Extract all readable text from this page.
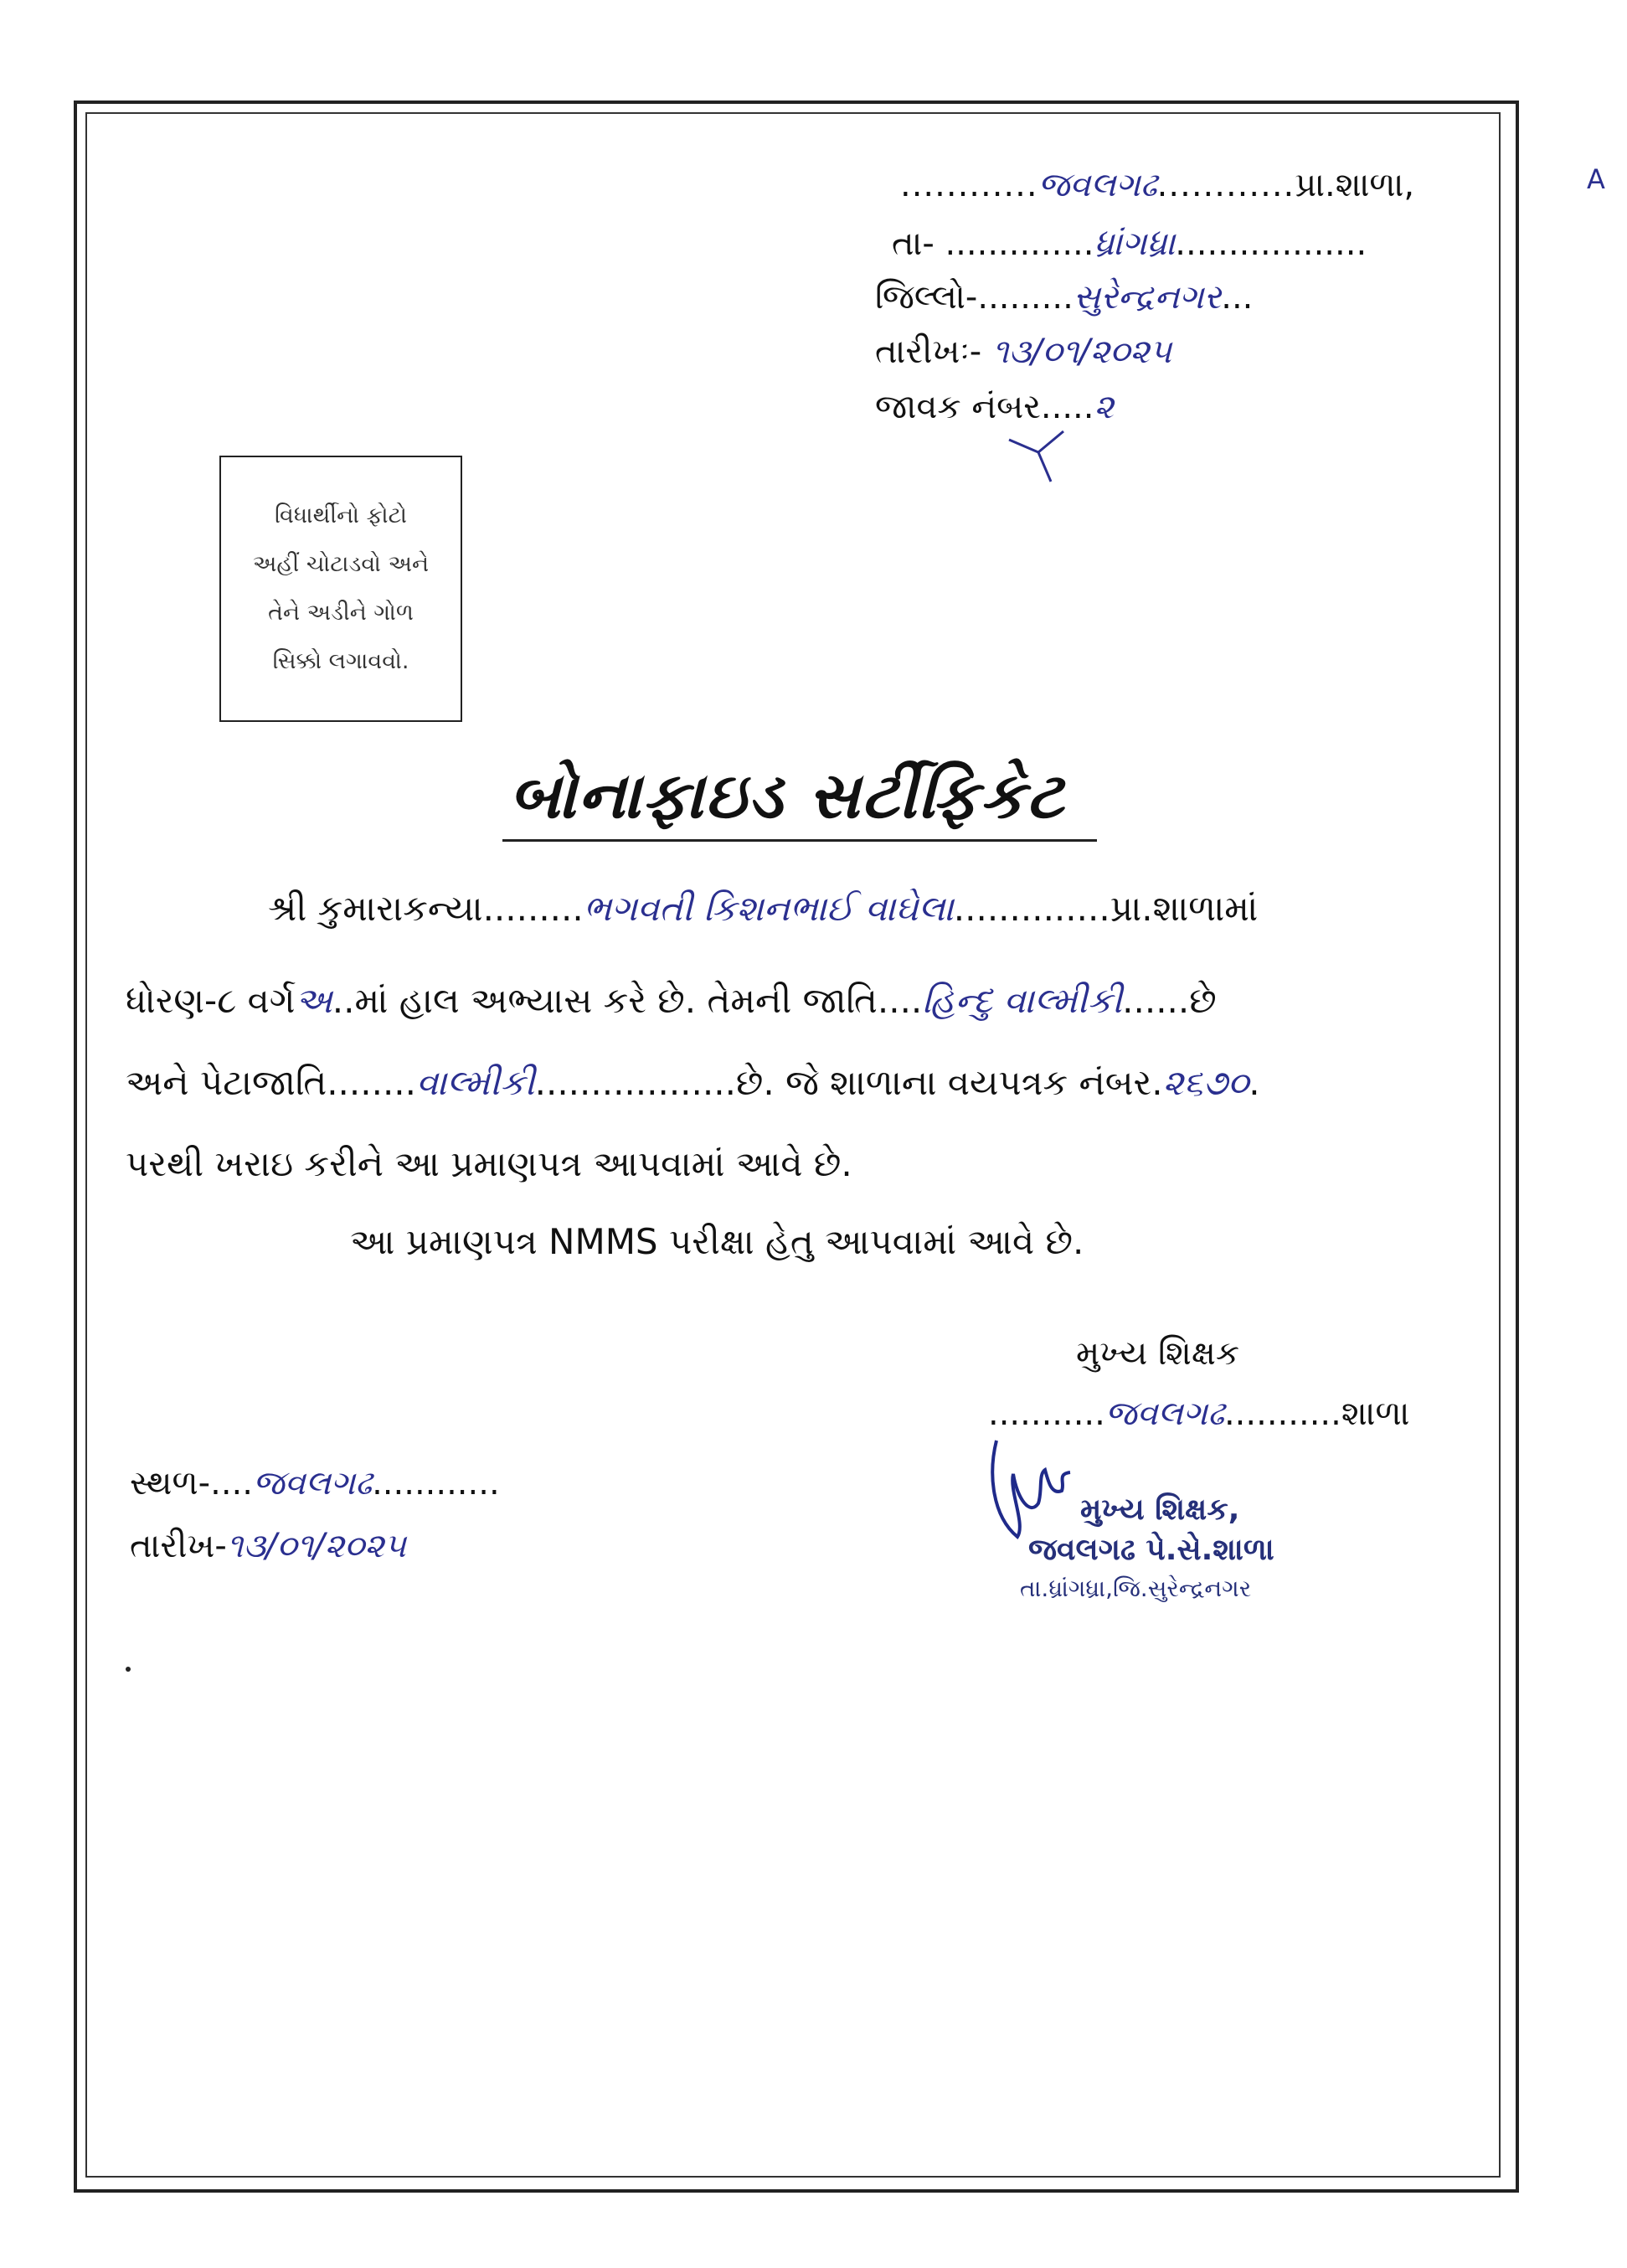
A
............જવલગઢ............પ્રા.શાળા,
તા- ..............ધ્રાંગધ્રા..................
જિલ્લો-.........સુરેન્દ્રનગર...
તારીખઃ- ૧૩/૦૧/૨૦૨૫
જાવક નંબર.....૨
વિધાર્થીનો ફોટો
અહીં ચોટાડવો અને
તેને અડીને ગોળ
સિક્કો લગાવવો.
બોનાફાઇડ સર્ટીફિકેટ
શ્રી કુમારાકન્યા.........ભગવતી કિશનભાઈ વાઘેલા..............પ્રા.શાળામાં
ધોરણ-૮ વર્ગઅ..માં હાલ અભ્યાસ કરે છે. તેમની જાતિ....હિન્દુ વાલ્મીકી......છે
અને પેટાજાતિ........વાલ્મીકી..................છે. જે શાળાના વયપત્રક નંબર.૨૬૭૦.
પરથી ખરાઇ કરીને આ પ્રમાણપત્ર આપવામાં આવે છે.
આ પ્રમાણપત્ર NMMS પરીક્ષા હેતુ આપવામાં આવે છે.
મુખ્ય શિક્ષક
...........જવલગઢ...........શાળા
સ્થળ-....જવલગઢ............
તારીખ-૧૩/૦૧/૨૦૨૫
મુખ્ય શિક્ષક,
જવલગઢ પે.સે.શાળા
તા.ધ્રાંગધ્રા,જિ.સુરેન્દ્રનગર
